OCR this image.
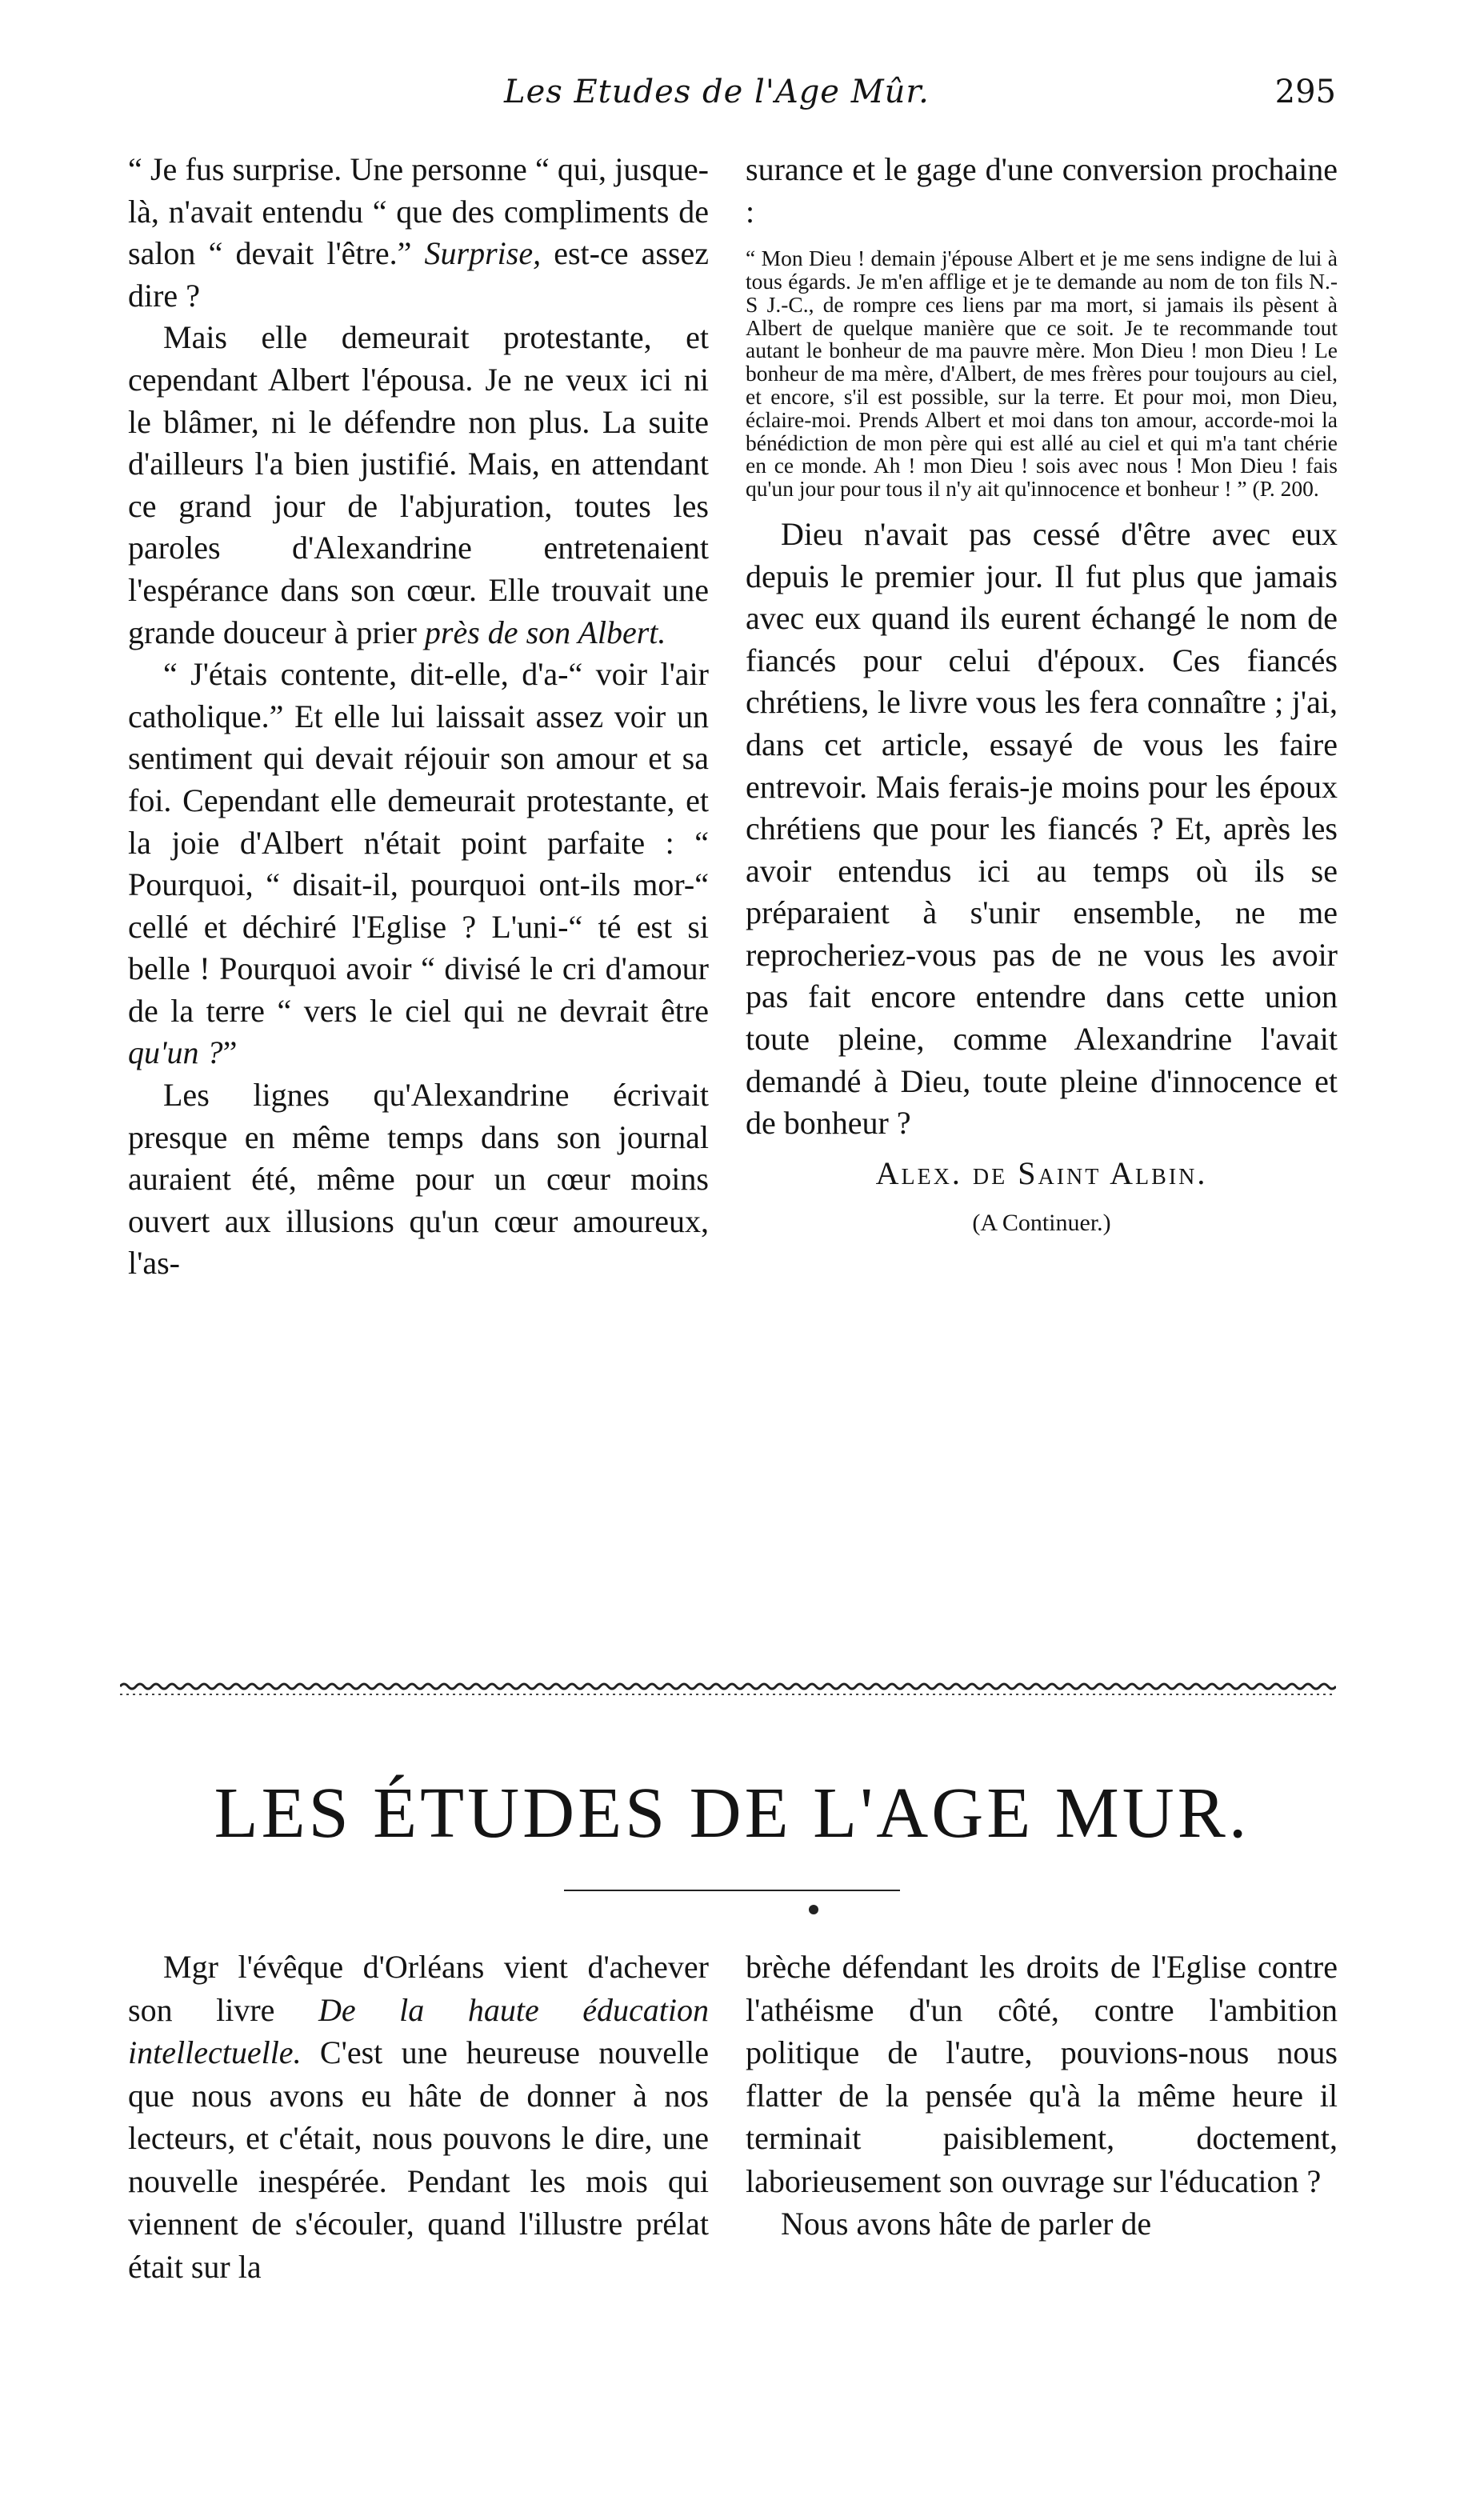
Les Etudes de l'Age Mûr.	295

“ Je fus surprise. Une personne “ qui, jusque-là, n'avait entendu “ que des compliments de salon “ devait l'être.” Surprise, est-ce assez dire ?

Mais elle demeurait protestante, et cependant Albert l'épousa. Je ne veux ici ni le blâmer, ni le défendre non plus. La suite d'ailleurs l'a bien justifié. Mais, en attendant ce grand jour de l'abjuration, toutes les paroles d'Alexandrine entretenaient l'espérance dans son cœur. Elle trouvait une grande douceur à prier près de son Albert.

“ J'étais contente, dit-elle, d'a-“ voir l'air catholique.” Et elle lui laissait assez voir un sentiment qui devait réjouir son amour et sa foi. Cependant elle demeurait protestante, et la joie d'Albert n'était point parfaite : “ Pourquoi, “ disait-il, pourquoi ont-ils mor-“ cellé et déchiré l'Eglise ? L'uni-“ té est si belle ! Pourquoi avoir “ divisé le cri d'amour de la terre “ vers le ciel qui ne devrait être qu'un ?”

Les lignes qu'Alexandrine écrivait presque en même temps dans son journal auraient été, même pour un cœur moins ouvert aux illusions qu'un cœur amoureux, l'as-

surance et le gage d'une conversion prochaine :

“ Mon Dieu ! demain j'épouse Albert et je me sens indigne de lui à tous égards. Je m'en afflige et je te demande au nom de ton fils N.-S J.-C., de rompre ces liens par ma mort, si jamais ils pèsent à Albert de quelque manière que ce soit. Je te recommande tout autant le bonheur de ma pauvre mère. Mon Dieu ! mon Dieu ! Le bonheur de ma mère, d'Albert, de mes frères pour toujours au ciel, et encore, s'il est possible, sur la terre. Et pour moi, mon Dieu, éclaire-moi. Prends Albert et moi dans ton amour, accorde-moi la bénédiction de mon père qui est allé au ciel et qui m'a tant chérie en ce monde. Ah ! mon Dieu ! sois avec nous ! Mon Dieu ! fais qu'un jour pour tous il n'y ait qu'innocence et bonheur ! ” (P. 200.

Dieu n'avait pas cessé d'être avec eux depuis le premier jour. Il fut plus que jamais avec eux quand ils eurent échangé le nom de fiancés pour celui d'époux. Ces fiancés chrétiens, le livre vous les fera connaître ; j'ai, dans cet article, essayé de vous les faire entrevoir. Mais ferais-je moins pour les époux chrétiens que pour les fiancés ? Et, après les avoir entendus ici au temps où ils se préparaient à s'unir ensemble, ne me reprocheriez-vous pas de ne vous les avoir pas fait encore entendre dans cette union toute pleine, comme Alexandrine l'avait demandé à Dieu, toute pleine d'innocence et de bonheur ?

Alex. de Saint Albin.

(A Continuer.)

LES ÉTUDES DE L'AGE MUR.

Mgr l'évêque d'Orléans vient d'achever son livre De la haute éducation intellectuelle. C'est une heureuse nouvelle que nous avons eu hâte de donner à nos lecteurs, et c'était, nous pouvons le dire, une nouvelle inespérée. Pendant les mois qui viennent de s'écouler, quand l'illustre prélat était sur la

brèche défendant les droits de l'Eglise contre l'athéisme d'un côté, contre l'ambition politique de l'autre, pouvions-nous nous flatter de la pensée qu'à la même heure il terminait paisiblement, doctement, laborieusement son ouvrage sur l'éducation ?

Nous avons hâte de parler de
